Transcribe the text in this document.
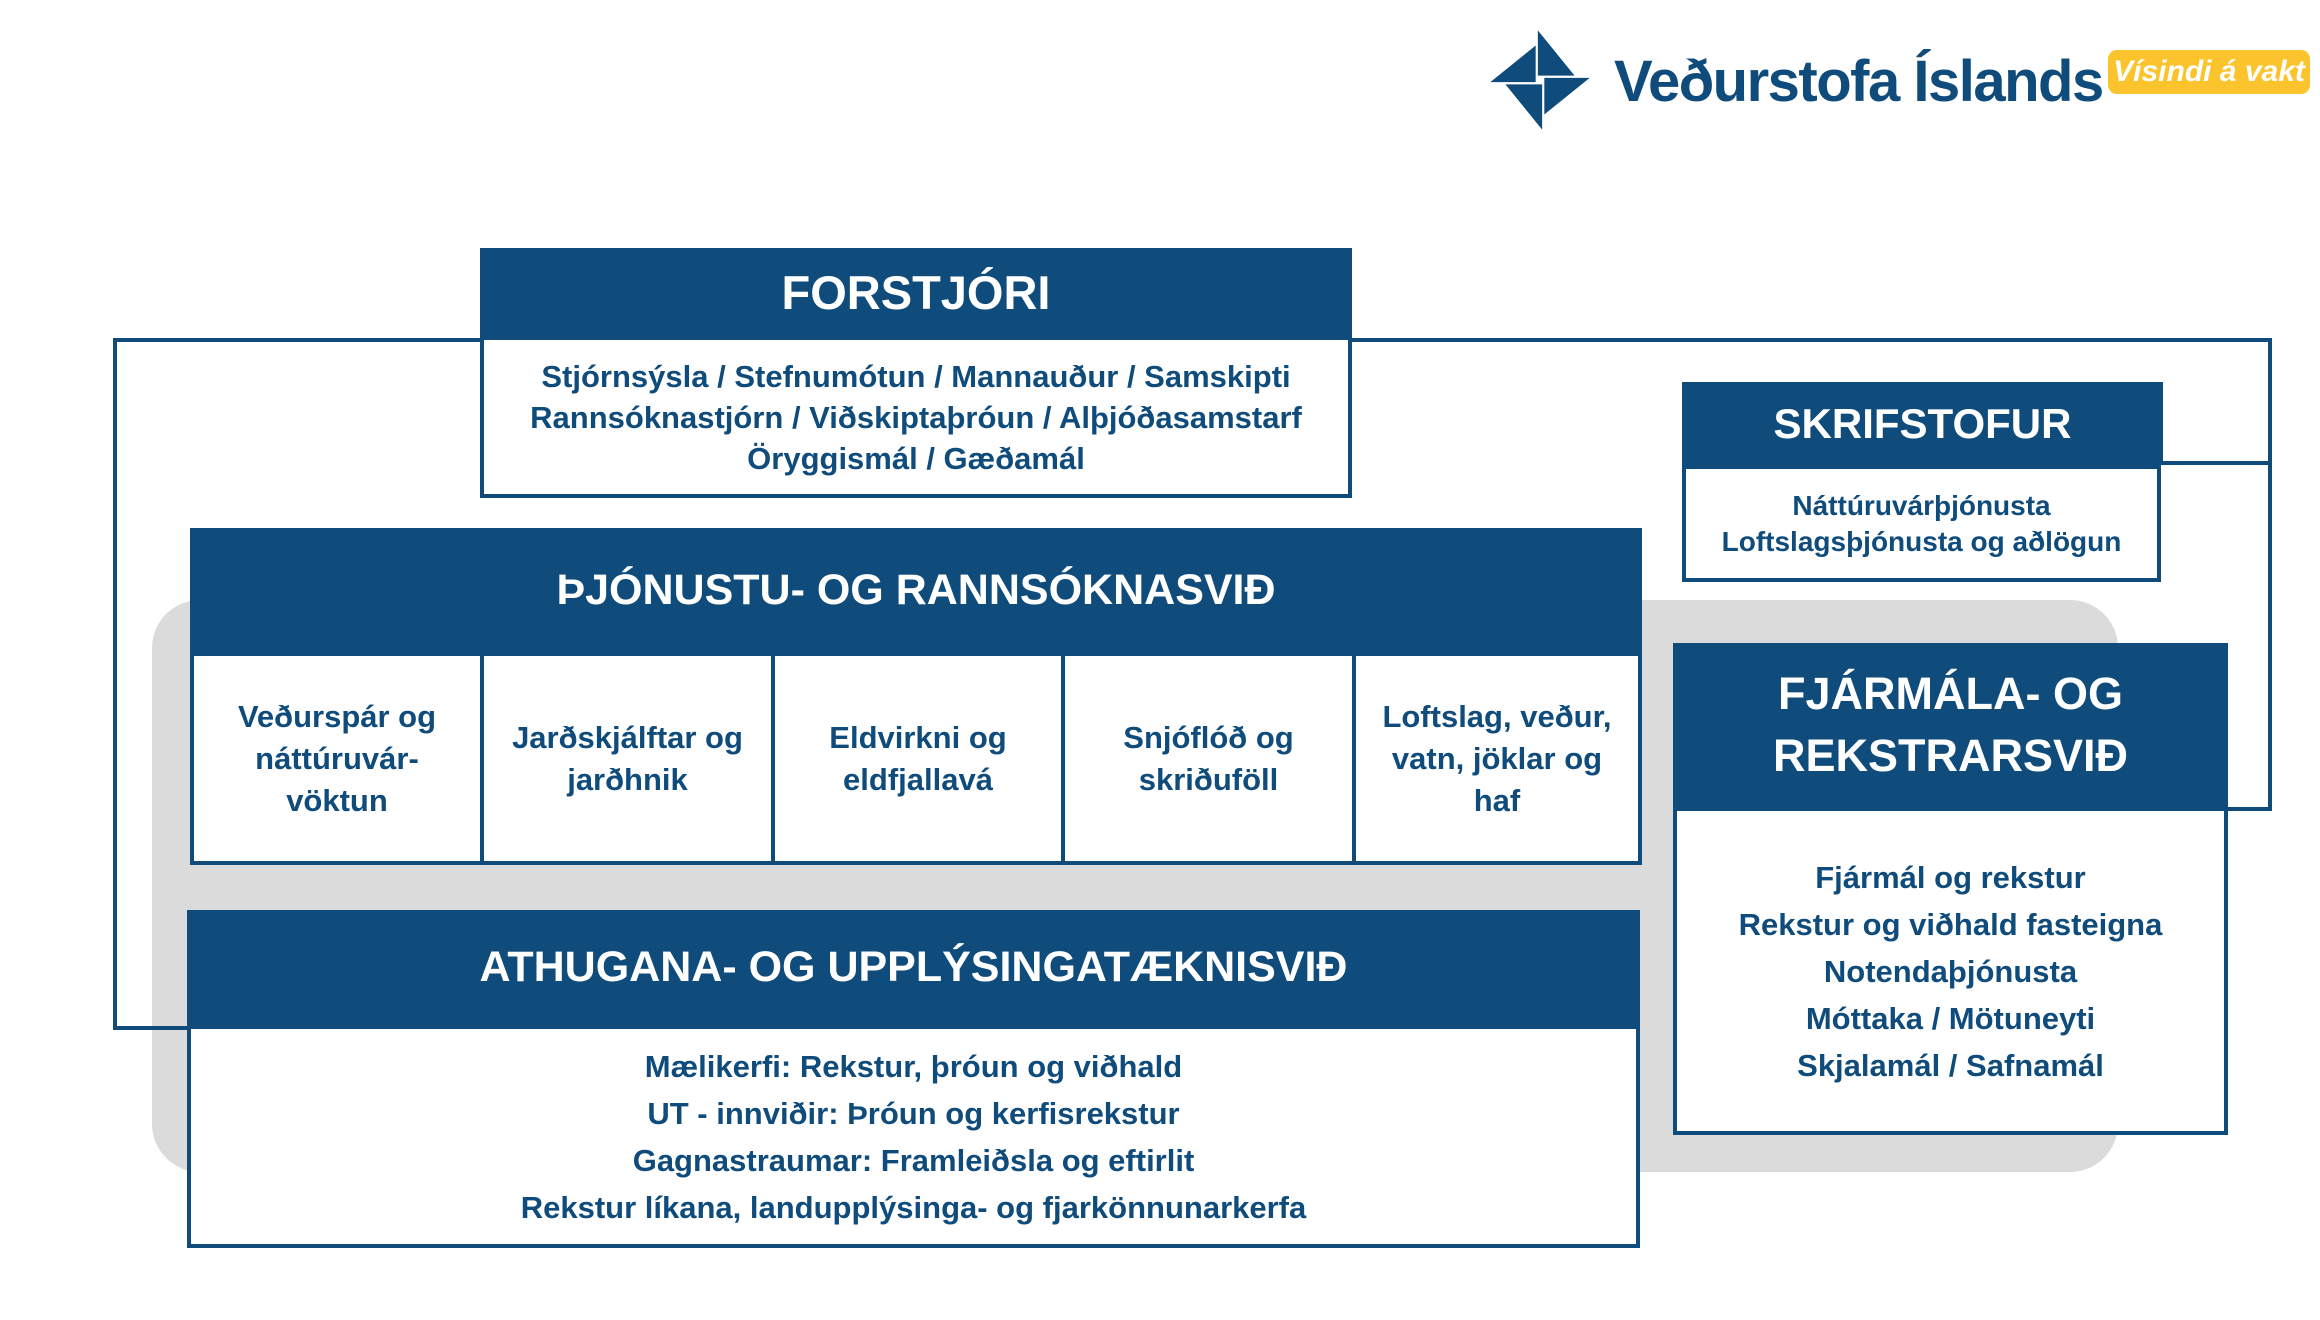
Veðurstofa Íslands Vísindi á vakt
FORSTJÓRI
Stjórnsýsla / Stefnumótun / Mannauður / Samskipti
Rannsóknastjórn / Viðskiptaþróun / Alþjóðasamstarf
Öryggismál / Gæðamál
SKRIFSTOFUR
Náttúruvárþjónusta
Loftslagsþjónusta og aðlögun
ÞJÓNUSTU- OG RANNSÓKNASVIÐ
Veðurspár og náttúruvár- vöktun
Jarðskjálftar og jarðhnik
Eldvirkni og eldfjallavá
Snjóflóð og skriðuföll
Loftslag, veður, vatn, jöklar og haf
ATHUGANA- OG UPPLÝSINGATÆKNISVIÐ
Mælikerfi: Rekstur, þróun og viðhald
UT - innviðir: Þróun og kerfisrekstur
Gagnastraumar: Framleiðsla og eftirlit
Rekstur líkana, landupplýsinga- og fjarkönnunarkerfa
FJÁRMÁLA- OG REKSTRARSVIÐ
Fjármál og rekstur
Rekstur og viðhald fasteigna
Notendaþjónusta
Móttaka / Mötuneyti
Skjalamál / Safnamál
